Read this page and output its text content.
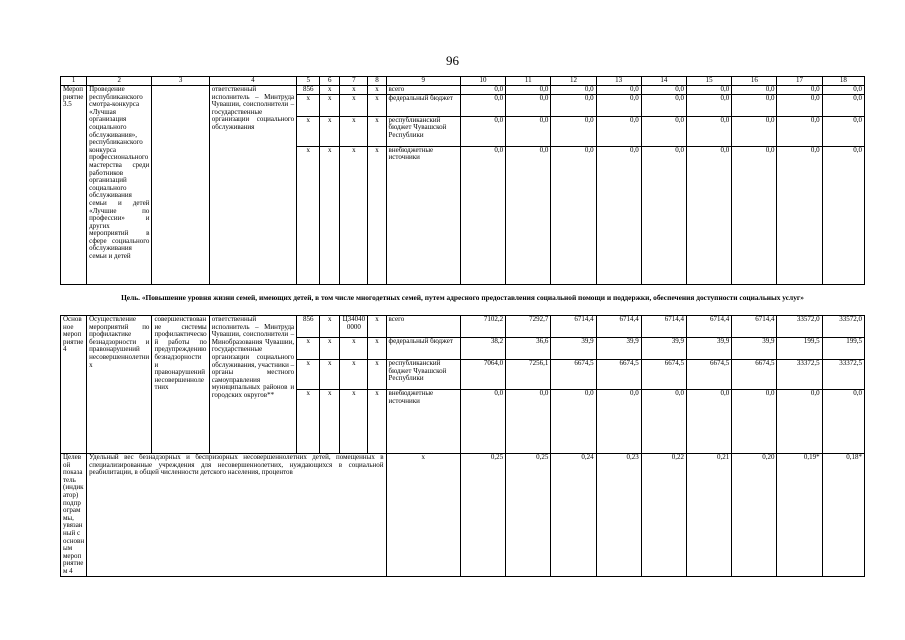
96
1	2	3	4	5	6	7	8	9	10	11	12	13	14	15	16	17	18
Мероприятие 3.5	Проведение республиканского смотра-конкурса «Лучшая организация социального обслуживания», республиканского конкурса профессионального мастерства среди работников организаций социального обслуживания семьи и детей «Лучшие по профессии» и других мероприятий в сфере социального обслуживания семьи и детей		ответственный исполнитель – Минтруда Чувашии, соисполнители – государственные организации социального обслуживания	856	x	x	x	всего	0,0	0,0	0,0	0,0	0,0	0,0	0,0	0,0	0,0
				x	x	x	x	федеральный бюджет	0,0	0,0	0,0	0,0	0,0	0,0	0,0	0,0	0,0
				x	x	x	x	республиканский бюджет Чувашской Республики	0,0	0,0	0,0	0,0	0,0	0,0	0,0	0,0	0,0
				x	x	x	x	внебюджетные источники	0,0	0,0	0,0	0,0	0,0	0,0	0,0	0,0	0,0
Цель. «Повышение уровня жизни семей, имеющих детей, в том числе многодетных семей, путем адресного предоставления социальной помощи и поддержки, обеспечения доступности социальных услуг»
Основное мероприятие 4	Осуществление мероприятий по профилактике безнадзорности и правонарушений несовершеннолетних	совершенствование системы профилактической работы по предупреждению безнадзорности и правонарушений несовершеннолетних	ответственный исполнитель – Минтруда Чувашии, соисполнители – Минобразования Чувашии, государственные организации социального обслуживания, участники – органы местного самоуправления муниципальных районов и городских округов**	856	x	Ц34040 0000	x	всего	7102,2	7292,7	6714,4	6714,4	6714,4	6714,4	6714,4	33572,0	33572,0
				x	x	x	x	федеральный бюджет	38,2	36,6	39,9	39,9	39,9	39,9	39,9	199,5	199,5
				x	x	x	x	республиканский бюджет Чувашской Республики	7064,0	7256,1	6674,5	6674,5	6674,5	6674,5	6674,5	33372,5	33372,5
				x	x	x	x	внебюджетные источники	0,0	0,0	0,0	0,0	0,0	0,0	0,0	0,0	0,0
Целевой показатель (индикатор) подпрограммы, увязанный с основным мероприятием 4	Удельный вес безнадзорных и беспризорных несовершеннолетних детей, помещенных в специализированные учреждения для несовершеннолетних, нуждающихся в социальной реабилитации, в общей численности детского населения, процентов							x	0,25	0,25	0,24	0,23	0,22	0,21	0,20	0,19*	0,18*
